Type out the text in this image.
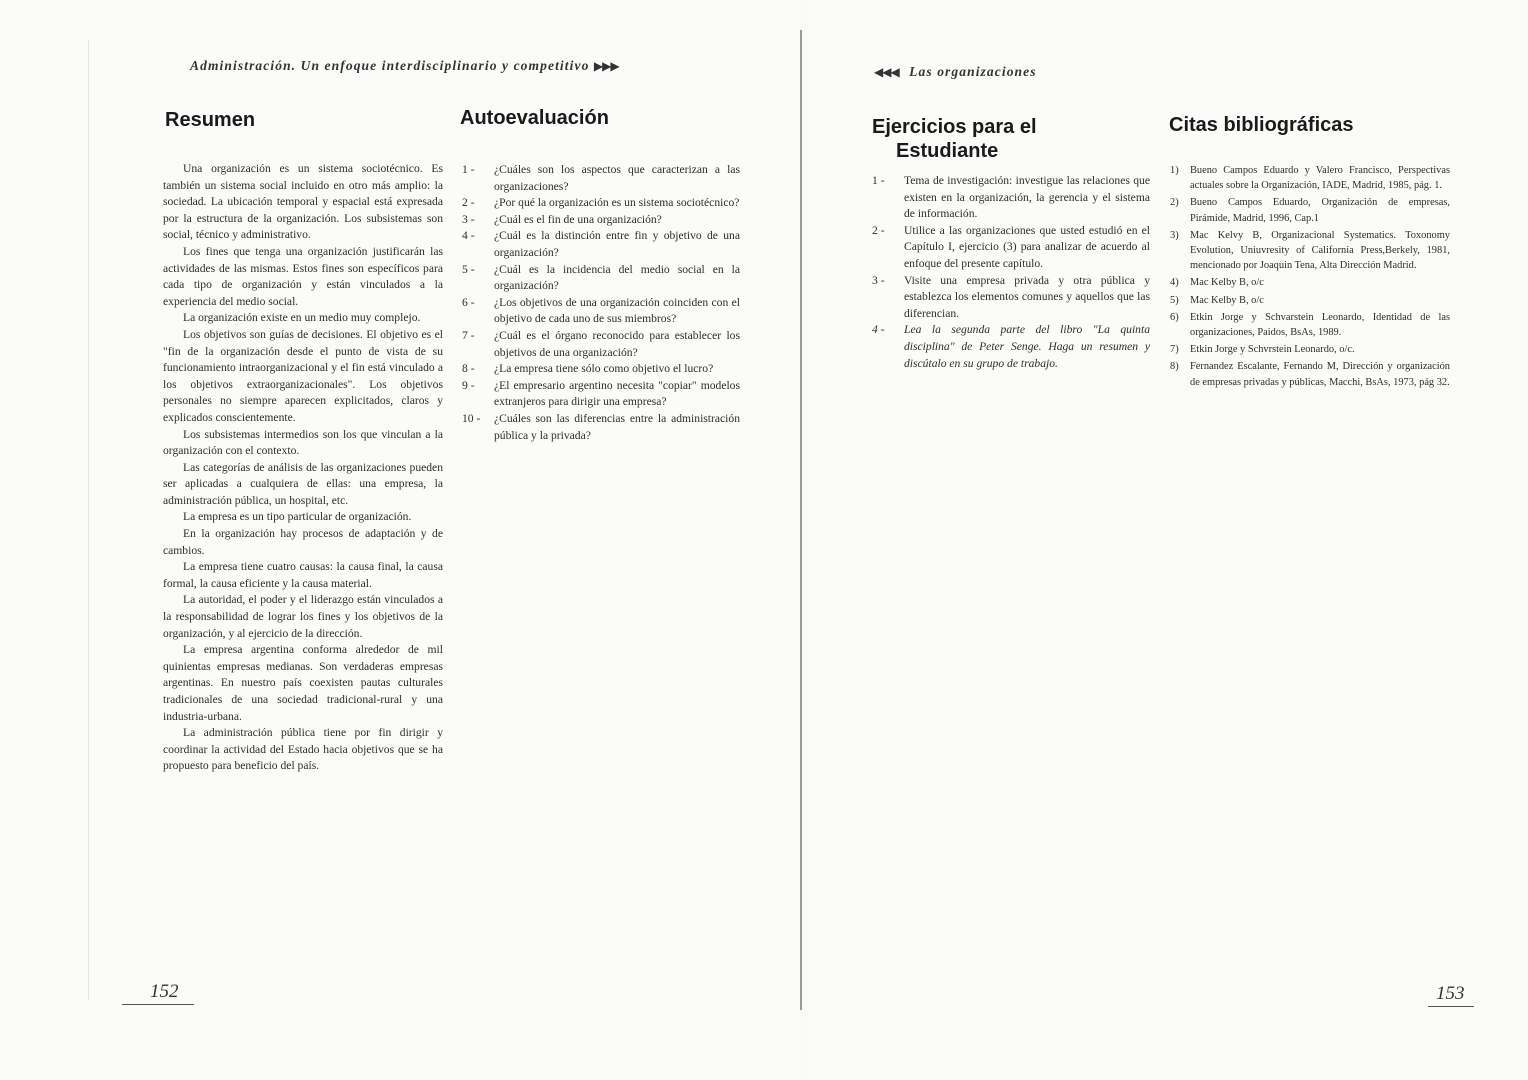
Administración. Un enfoque interdisciplinario y competitivo ▶▶▶
Resumen	Autoevaluación

Una organización es un sistema sociotécnico. Es también un sistema social incluido en otro más amplio: la sociedad. La ubicación temporal y espacial está expresada por la estructura de la organización. Los subsistemas son social, técnico y administrativo.

Los fines que tenga una organización justificarán las actividades de las mismas. Estos fines son específicos para cada tipo de organización y están vinculados a la experiencia del medio social.

La organización existe en un medio muy complejo.

Los objetivos son guías de decisiones. El objetivo es el "fin de la organización desde el punto de vista de su funcionamiento intraorganizacional y el fin está vinculado a los objetivos extraorganizacionales". Los objetivos personales no siempre aparecen explicitados, claros y explicados conscientemente.

Los subsistemas intermedios son los que vinculan a la organización con el contexto.

Las categorías de análisis de las organizaciones pueden ser aplicadas a cualquiera de ellas: una empresa, la administración pública, un hospital, etc.

La empresa es un tipo particular de organización.

En la organización hay procesos de adaptación y de cambios.

La empresa tiene cuatro causas: la causa final, la causa formal, la causa eficiente y la causa material.

La autoridad, el poder y el liderazgo están vinculados a la responsabilidad de lograr los fines y los objetivos de la organización, y al ejercicio de la dirección.

La empresa argentina conforma alrededor de mil quinientas empresas medianas. Son verdaderas empresas argentinas. En nuestro país coexisten pautas culturales tradicionales de una sociedad tradicional-rural y una industria-urbana.

La administración pública tiene por fin dirigir y coordinar la actividad del Estado hacia objetivos que se ha propuesto para beneficio del país.

1 -	¿Cuáles son los aspectos que caracterizan a las organizaciones?
2 -	¿Por qué la organización es un sistema sociotécnico?
3 -	¿Cuál es el fin de una organización?
4 -	¿Cuál es la distinción entre fin y objetivo de una organización?
5 -	¿Cuál es la incidencia del medio social en la organización?
6 -	¿Los objetivos de una organización coinciden con el objetivo de cada uno de sus miembros?
7 -	¿Cuál es el órgano reconocido para establecer los objetivos de una organización?
8 -	¿La empresa tiene sólo como objetivo el lucro?
9 -	¿El empresario argentino necesita "copiar" modelos extranjeros para dirigir una empresa?
10 -	¿Cuáles son las diferencias entre la administración pública y la privada?
152
◀◀◀ Las organizaciones
Ejercicios para el
Estudiante
Citas bibliográficas
1 -	Tema de investigación: investigue las relaciones que existen en la organización, la gerencia y el sistema de información.
2 -	Utilice a las organizaciones que usted estudió en el Capítulo I, ejercicio (3) para analizar de acuerdo al enfoque del presente capítulo.
3 -	Visite una empresa privada y otra pública y establezca los elementos comunes y aquellos que las diferencian.
4 -	Lea la segunda parte del libro "La quinta disciplina" de Peter Senge. Haga un resumen y discútalo en su grupo de trabajo.
1) Bueno Campos Eduardo y Valero Francisco, Perspectivas actuales sobre la Organización, IADE, Madrid, 1985, pág. 1.
2) Bueno Campos Eduardo, Organización de empresas, Pirámide, Madrid, 1996, Cap.1
3) Mac Kelvy B, Organizacional Systematics. Toxonomy Evolution, Uniuvresity of California Press,Berkely, 1981, mencionado por Joaquin Tena, Alta Dirección Madrid.
4) Mac Kelby B, o/c
5) Mac Kelby B, o/c
6) Etkin Jorge y Schvarstein Leonardo, Identidad de las organizaciones, Paidos, BsAs, 1989.
7) Etkin Jorge y Schvrstein Leonardo, o/c.
8) Fernandez Escalante, Fernando M, Dirección y organización de empresas privadas y públicas, Macchi, BsAs, 1973, pág 32.
153
